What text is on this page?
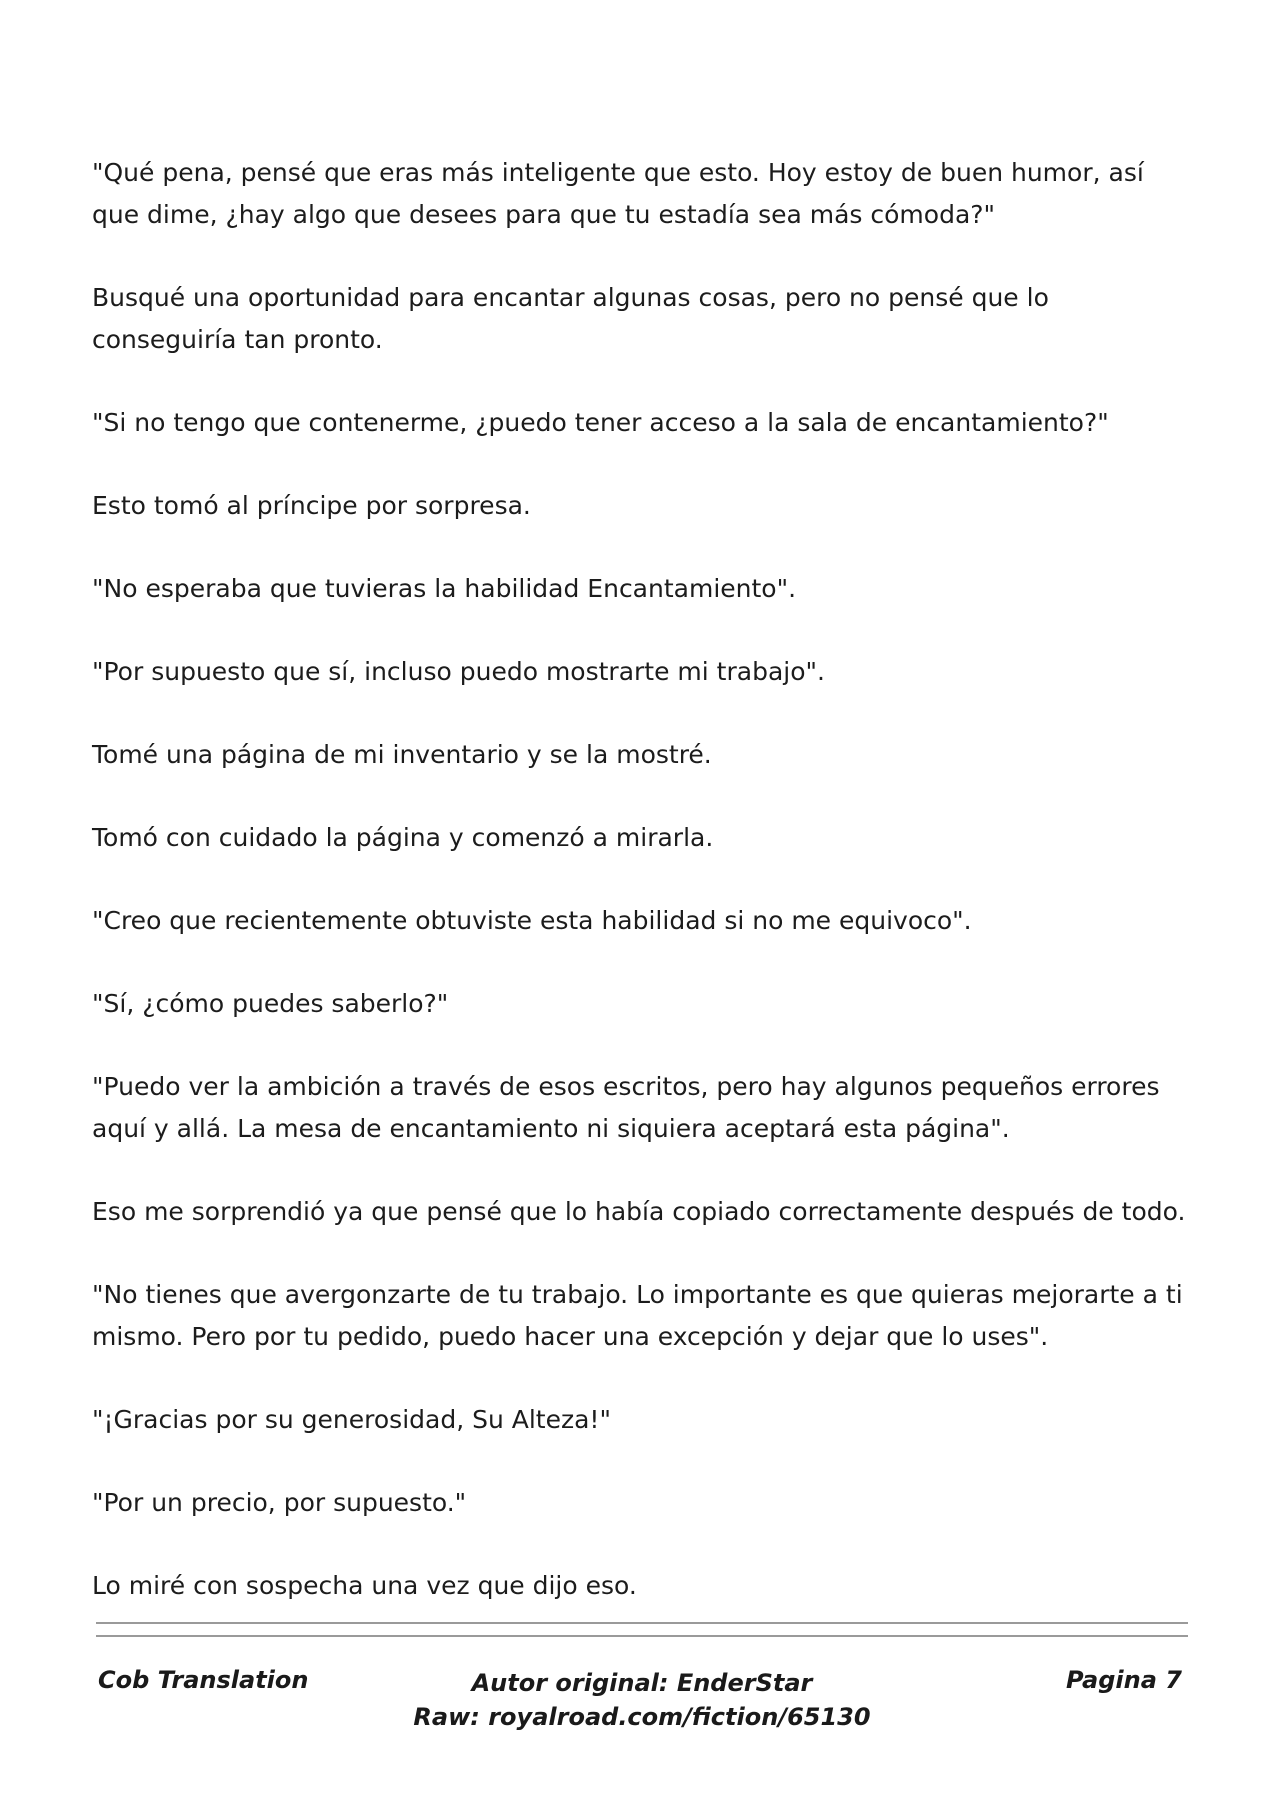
"Qué pena, pensé que eras más inteligente que esto. Hoy estoy de buen humor, así que dime, ¿hay algo que desees para que tu estadía sea más cómoda?"

Busqué una oportunidad para encantar algunas cosas, pero no pensé que lo conseguiría tan pronto.

"Si no tengo que contenerme, ¿puedo tener acceso a la sala de encantamiento?"

Esto tomó al príncipe por sorpresa.

"No esperaba que tuvieras la habilidad Encantamiento".

"Por supuesto que sí, incluso puedo mostrarte mi trabajo".

Tomé una página de mi inventario y se la mostré.

Tomó con cuidado la página y comenzó a mirarla.

"Creo que recientemente obtuviste esta habilidad si no me equivoco".

"Sí, ¿cómo puedes saberlo?"

"Puedo ver la ambición a través de esos escritos, pero hay algunos pequeños errores aquí y allá. La mesa de encantamiento ni siquiera aceptará esta página".

Eso me sorprendió ya que pensé que lo había copiado correctamente después de todo.

"No tienes que avergonzarte de tu trabajo. Lo importante es que quieras mejorarte a ti mismo. Pero por tu pedido, puedo hacer una excepción y dejar que lo uses".

"¡Gracias por su generosidad, Su Alteza!"

"Por un precio, por supuesto."

Lo miré con sospecha una vez que dijo eso.

Autor original: EnderStar
Raw: royalroad.com/fiction/65130
Cob Translation	Pagina 7
